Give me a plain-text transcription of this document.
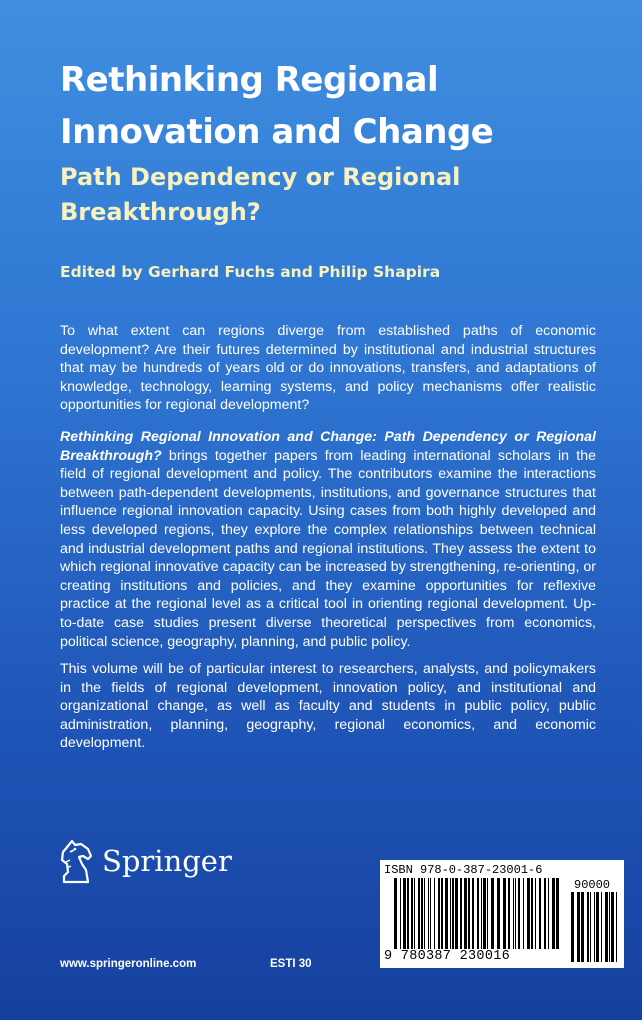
Rethinking Regional Innovation and Change
Path Dependency or Regional Breakthrough?
Edited by Gerhard Fuchs and Philip Shapira
To what extent can regions diverge from established paths of economic development? Are their futures determined by institutional and industrial structures that may be hundreds of years old or do innovations, transfers, and adaptations of knowledge, technology, learning systems, and policy mechanisms offer realistic opportunities for regional development?
Rethinking Regional Innovation and Change: Path Dependency or Regional Breakthrough? brings together papers from leading international scholars in the field of regional development and policy. The contributors examine the interactions between path-dependent developments, institutions, and governance structures that influence regional innovation capacity. Using cases from both highly developed and less developed regions, they explore the complex relationships between technical and industrial development paths and regional institutions. They assess the extent to which regional innovative capacity can be increased by strengthening, re-orienting, or creating institutions and policies, and they examine opportunities for reflexive practice at the regional level as a critical tool in orienting regional development. Up-to-date case studies present diverse theoretical perspectives from economics, political science, geography, planning, and public policy.
This volume will be of particular interest to researchers, analysts, and policymakers in the fields of regional development, innovation policy, and institutional and organizational change, as well as faculty and students in public policy, public administration, planning, geography, regional economics, and economic development.
Springer
www.springeronline.com	ESTI 30
ISBN 978-0-387-23001-6
90000
9 780387 230016
